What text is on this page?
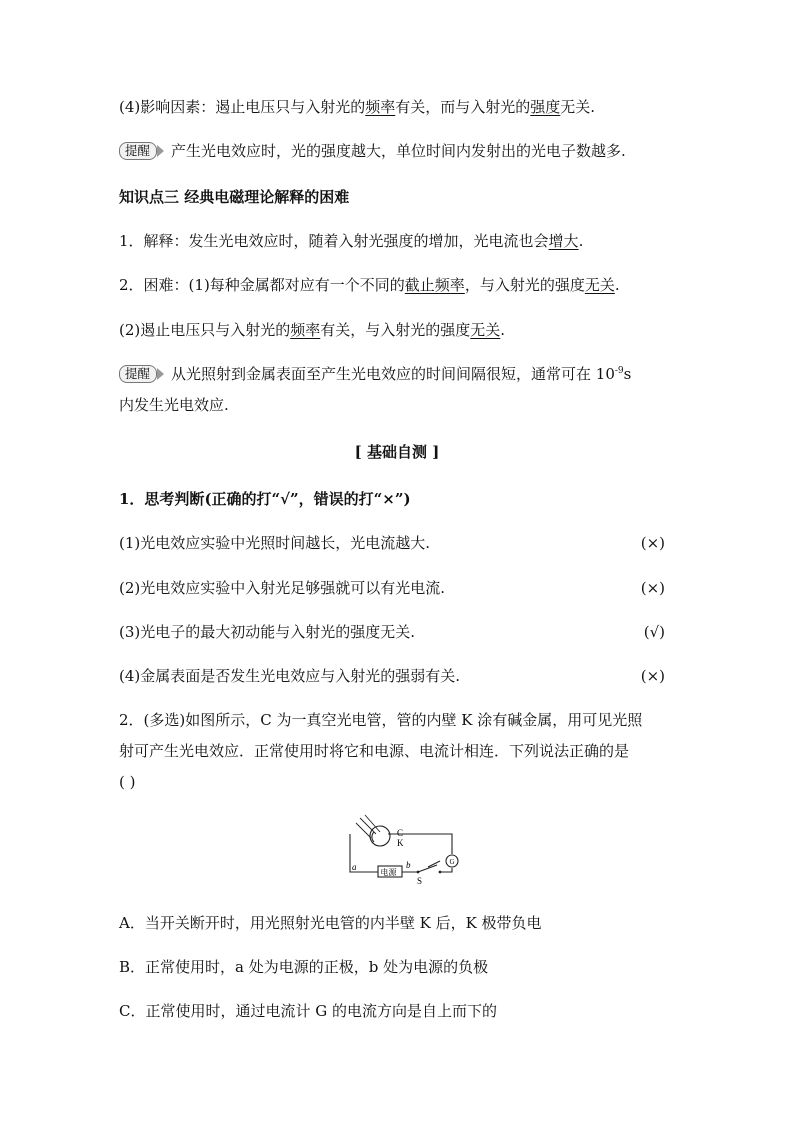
(4)影响因素：遏止电压只与入射光的频率有关，而与入射光的强度无关.
提醒 产生光电效应时，光的强度越大，单位时间内发射出的光电子数越多.
知识点三 经典电磁理论解释的困难
1．解释：发生光电效应时，随着入射光强度的增加，光电流也会增大.
2．困难：(1)每种金属都对应有一个不同的截止频率，与入射光的强度无关.
(2)遏止电压只与入射光的频率有关，与入射光的强度无关.
提醒 从光照射到金属表面至产生光电效应的时间间隔很短，通常可在 $10^{-9}s$
内发生光电效应.
[ 基础自测 ]
1．思考判断(正确的打“√”，错误的打“×”)
(1)光电效应实验中光照时间越长，光电流越大.	(×)
(2)光电效应实验中入射光足够强就可以有光电流.	(×)
(3)光电子的最大初动能与入射光的强度无关.	(√)
(4)金属表面是否发生光电效应与入射光的强弱有关.	(×)
2．(多选)如图所示，C 为一真空光电管，管的内壁 K 涂有碱金属，用可见光照
射可产生光电效应．正常使用时将它和电源、电流计相连．下列说法正确的是
( )
G
电源
C
K
a	b
S
A．当开关断开时，用光照射光电管的内半壁 K 后，K 极带负电
B．正常使用时，a 处为电源的正极，b 处为电源的负极
C．正常使用时，通过电流计 G 的电流方向是自上而下的
